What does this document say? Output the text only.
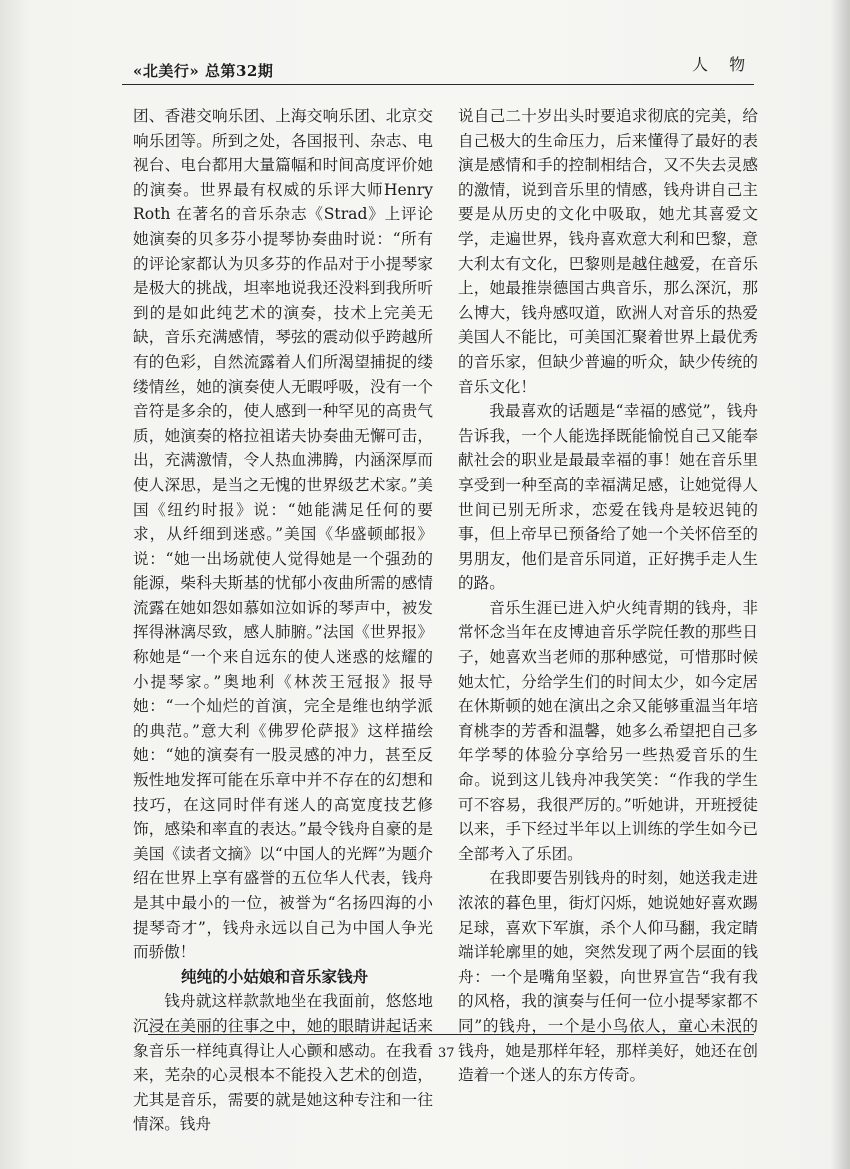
«北美行» 总第32期	人 物

团、香港交响乐团、上海交响乐团、北京交响乐团等。所到之处，各国报刊、杂志、电视台、电台都用大量篇幅和时间高度评价她的演奏。世界最有权威的乐评大师Henry Roth 在著名的音乐杂志《Strad》上评论她演奏的贝多芬小提琴协奏曲时说：“所有的评论家都认为贝多芬的作品对于小提琴家是极大的挑战，坦率地说我还没料到我所听到的是如此纯艺术的演奏，技术上完美无缺，音乐充满感情，琴弦的震动似乎跨越所有的色彩，自然流露着人们所渴望捕捉的缕缕情丝，她的演奏使人无暇呼吸，没有一个音符是多余的，使人感到一种罕见的高贵气质，她演奏的格拉祖诺夫协奏曲无懈可击，出，充满激情，令人热血沸腾，内涵深厚而使人深思，是当之无愧的世界级艺术家。”美国《纽约时报》说：“她能满足任何的要求，从纤细到迷惑。”美国《华盛顿邮报》说：“她一出场就使人觉得她是一个强劲的能源，柴科夫斯基的忧郁小夜曲所需的感情流露在她如怨如慕如泣如诉的琴声中，被发挥得淋漓尽致，感人肺腑。”法国《世界报》称她是“一个来自远东的使人迷惑的炫耀的小提琴家。”奥地利《林茨王冠报》报导她：“一个灿烂的首演，完全是维也纳学派的典范。”意大利《佛罗伦萨报》这样描绘她：“她的演奏有一股灵感的冲力，甚至反叛性地发挥可能在乐章中并不存在的幻想和技巧，在这同时伴有迷人的高宽度技艺修饰，感染和率直的表达。”最令钱舟自豪的是美国《读者文摘》以“中国人的光辉”为题介绍在世界上享有盛誉的五位华人代表，钱舟是其中最小的一位，被誉为“名扬四海的小提琴奇才”，钱舟永远以自己为中国人争光而骄傲！

纯纯的小姑娘和音乐家钱舟

钱舟就这样款款地坐在我面前，悠悠地沉浸在美丽的往事之中，她的眼睛讲起话来象音乐一样纯真得让人心颤和感动。在我看来，芜杂的心灵根本不能投入艺术的创造，尤其是音乐，需要的就是她这种专注和一往情深。钱舟

说自己二十岁出头时要追求彻底的完美，给自己极大的生命压力，后来懂得了最好的表演是感情和手的控制相结合，又不失去灵感的激情，说到音乐里的情感，钱舟讲自己主要是从历史的文化中吸取，她尤其喜爱文学，走遍世界，钱舟喜欢意大利和巴黎，意大利太有文化，巴黎则是越住越爱，在音乐上，她最推崇德国古典音乐，那么深沉，那么博大，钱舟感叹道，欧洲人对音乐的热爱美国人不能比，可美国汇聚着世界上最优秀的音乐家，但缺少普遍的听众，缺少传统的音乐文化！

我最喜欢的话题是“幸福的感觉”，钱舟告诉我，一个人能选择既能愉悦自己又能奉献社会的职业是最最幸福的事！她在音乐里享受到一种至高的幸福满足感，让她觉得人世间已别无所求，恋爱在钱舟是较迟钝的事，但上帝早已预备给了她一个关怀倍至的男朋友，他们是音乐同道，正好携手走人生的路。

音乐生涯已进入炉火纯青期的钱舟，非常怀念当年在皮博迪音乐学院任教的那些日子，她喜欢当老师的那种感觉，可惜那时候她太忙，分给学生们的时间太少，如今定居在休斯顿的她在演出之余又能够重温当年培育桃李的芳香和温馨，她多么希望把自己多年学琴的体验分享给另一些热爱音乐的生命。说到这儿钱舟冲我笑笑：“作我的学生可不容易，我很严厉的。”听她讲，开班授徒以来，手下经过半年以上训练的学生如今已全部考入了乐团。

在我即要告别钱舟的时刻，她送我走进浓浓的暮色里，街灯闪烁，她说她好喜欢踢足球，喜欢下军旗，杀个人仰马翻，我定睛端详轮廓里的她，突然发现了两个层面的钱舟：一个是嘴角坚毅，向世界宣告“我有我的风格，我的演奏与任何一位小提琴家都不同”的钱舟，一个是小鸟依人，童心未泯的钱舟，她是那样年轻，那样美好，她还在创造着一个迷人的东方传奇。

37
